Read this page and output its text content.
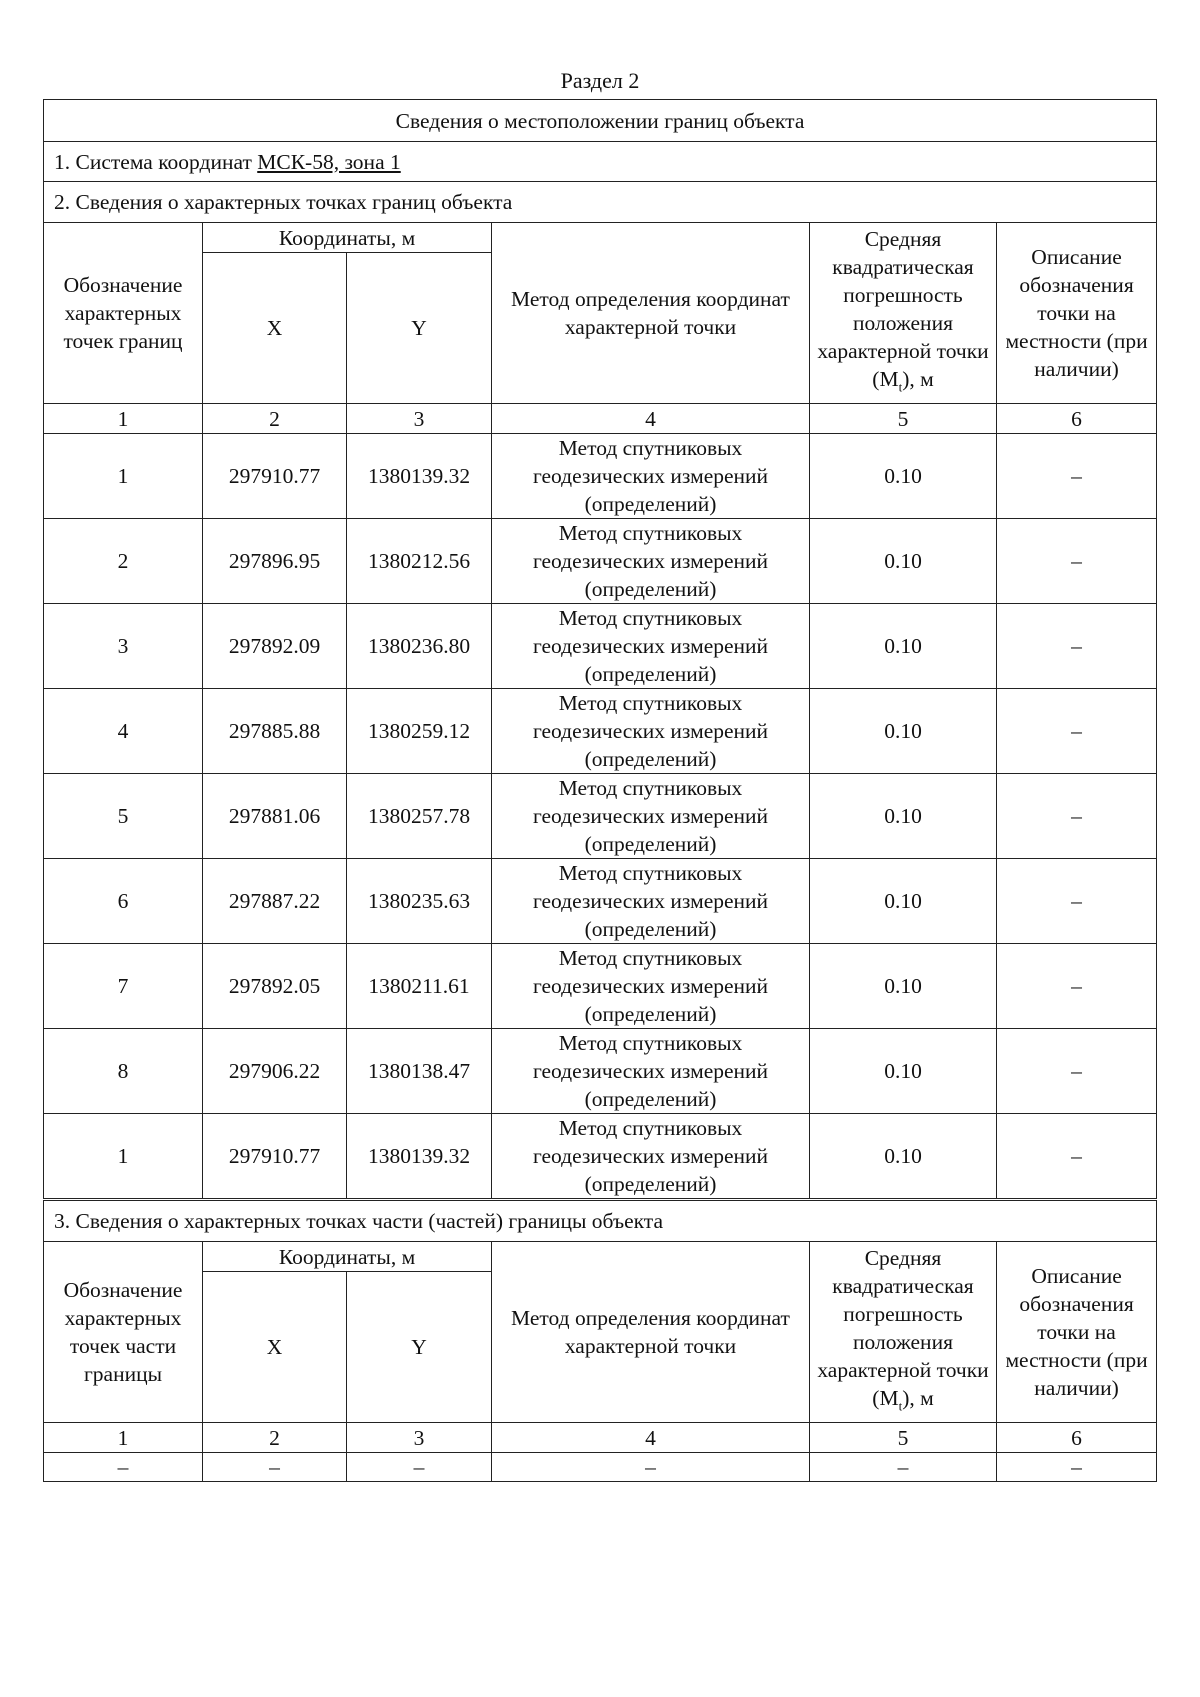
Раздел 2
Сведения о местоположении границ объекта					
1. Система координат МСК-58, зона 1					
2. Сведения о характерных точках границ объекта					
Обозначение характерных точек границ	Координаты, м		Метод определения координат характерной точки	Средняя квадратическая погрешность положения характерной точки $(M_t)$, м	Описание обозначения точки на местности (при наличии)
	X	Y			
1	2	3	4	5	6
1	297910.77	1380139.32	Метод спутниковых геодезических измерений (определений)	0.10	–
2	297896.95	1380212.56	Метод спутниковых геодезических измерений (определений)	0.10	–
3	297892.09	1380236.80	Метод спутниковых геодезических измерений (определений)	0.10	–
4	297885.88	1380259.12	Метод спутниковых геодезических измерений (определений)	0.10	–
5	297881.06	1380257.78	Метод спутниковых геодезических измерений (определений)	0.10	–
6	297887.22	1380235.63	Метод спутниковых геодезических измерений (определений)	0.10	–
7	297892.05	1380211.61	Метод спутниковых геодезических измерений (определений)	0.10	–
8	297906.22	1380138.47	Метод спутниковых геодезических измерений (определений)	0.10	–
1	297910.77	1380139.32	Метод спутниковых геодезических измерений (определений)	0.10	–
3. Сведения о характерных точках части (частей) границы объекта					
Обозначение характерных точек части границы	Координаты, м		Метод определения координат характерной точки	Средняя квадратическая погрешность положения характерной точки $(M_t)$, м	Описание обозначения точки на местности (при наличии)
	X	Y			
1	2	3	4	5	6
–	–	–	–	–	–
